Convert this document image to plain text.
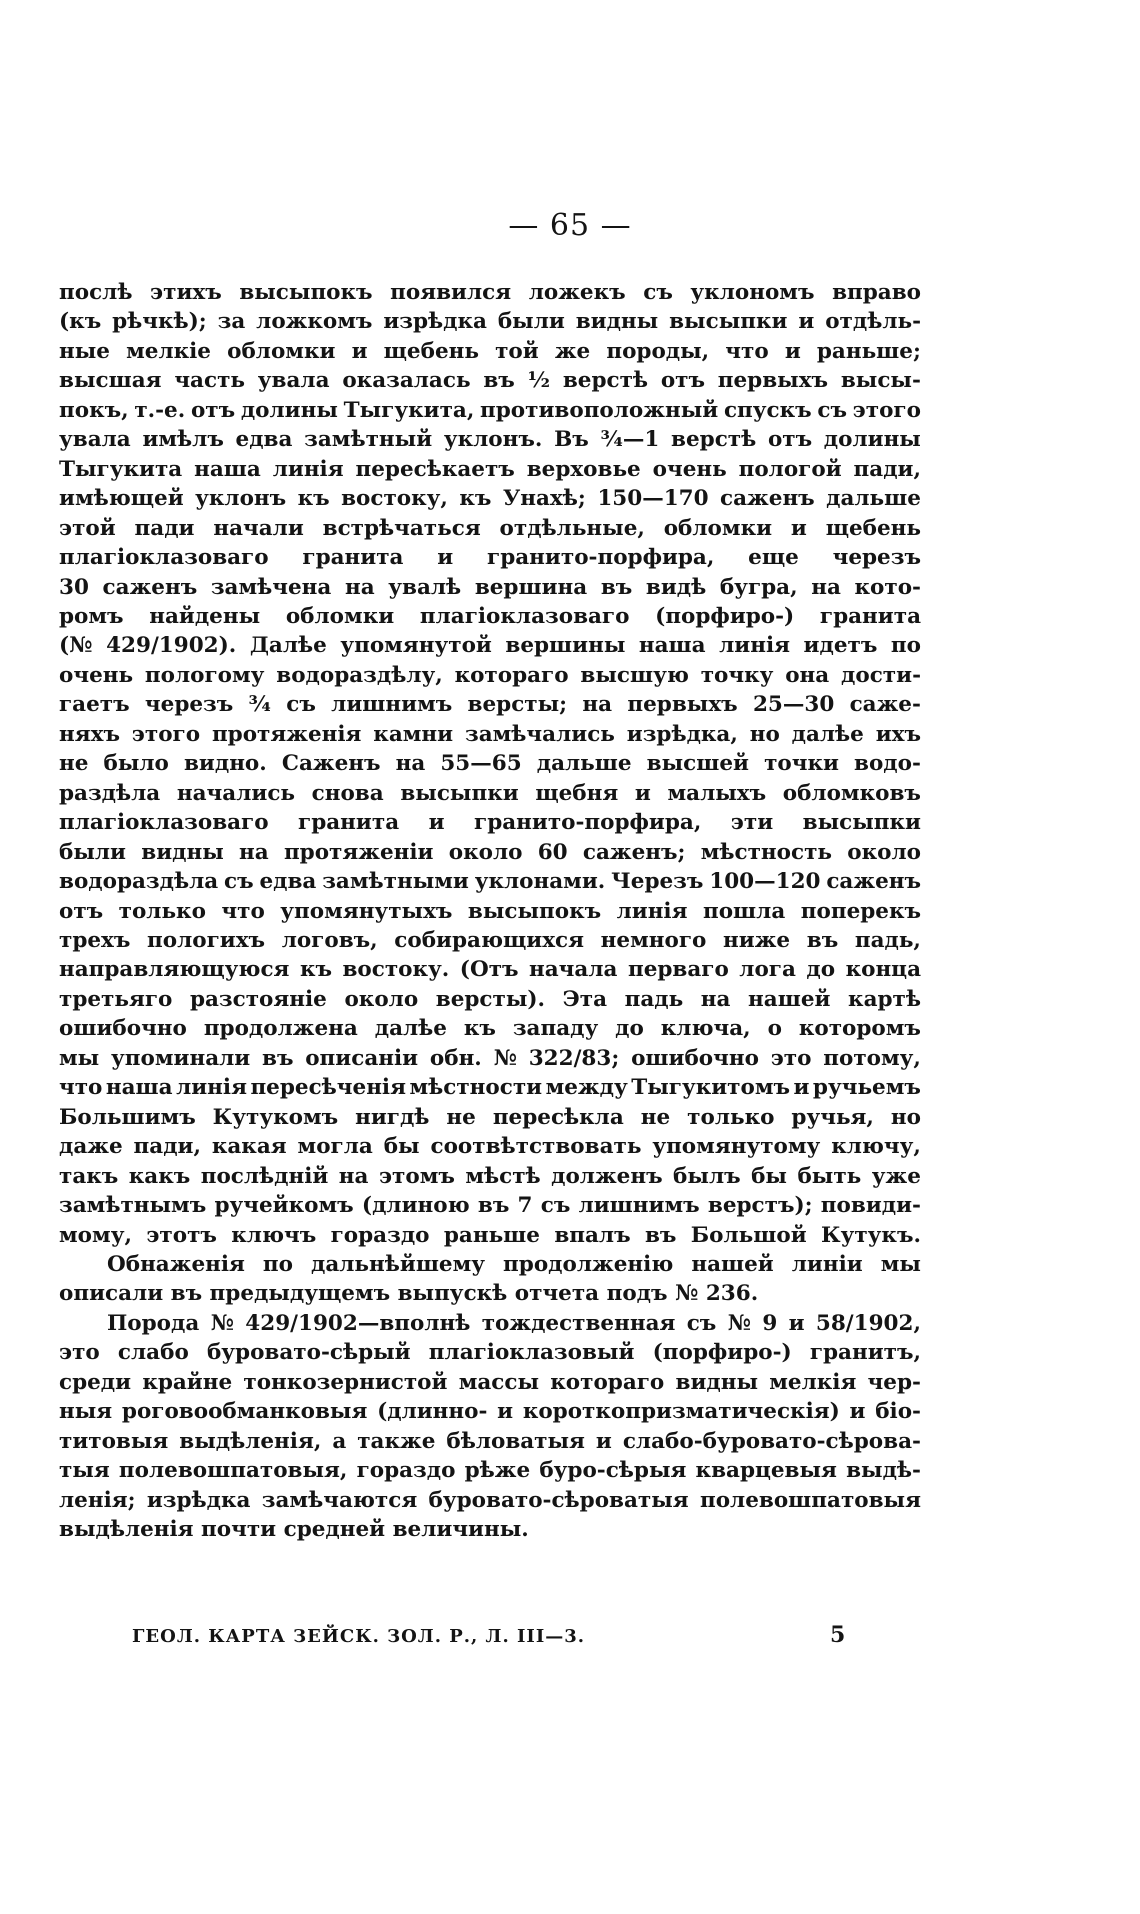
— 65 —
послѣ этихъ высыпокъ появился ложекъ съ уклономъ вправо
(къ рѣчкѣ); за ложкомъ изрѣдка были видны высыпки и отдѣль-
ные мелкіе обломки и щебень той же породы, что и раньше;
высшая часть увала оказалась въ ½ верстѣ отъ первыхъ высы-
покъ, т.-е. отъ долины Тыгукита, противоположный спускъ съ этого
увала имѣлъ едва замѣтный уклонъ. Въ ¾—1 верстѣ отъ долины
Тыгукита наша линія пересѣкаетъ верховье очень пологой пади,
имѣющей уклонъ къ востоку, къ Унахѣ; 150—170 саженъ дальше
этой пади начали встрѣчаться отдѣльные, обломки и щебень
плагіоклазоваго гранита и гранито-порфира, еще черезъ
30 саженъ замѣчена на увалѣ вершина въ видѣ бугра, на кото-
ромъ найдены обломки плагіоклазоваго (порфиро-) гранита
(№ 429/1902). Далѣе упомянутой вершины наша линія идетъ по
очень пологому водораздѣлу, котораго высшую точку она дости-
гаетъ черезъ ¾ съ лишнимъ версты; на первыхъ 25—30 саже-
няхъ этого протяженія камни замѣчались изрѣдка, но далѣе ихъ
не было видно. Саженъ на 55—65 дальше высшей точки водо-
раздѣла начались снова высыпки щебня и малыхъ обломковъ
плагіоклазоваго гранита и гранито-порфира, эти высыпки
были видны на протяженіи около 60 саженъ; мѣстность около
водораздѣла съ едва замѣтными уклонами. Черезъ 100—120 саженъ
отъ только что упомянутыхъ высыпокъ линія пошла поперекъ
трехъ пологихъ логовъ, собирающихся немного ниже въ падь,
направляющуюся къ востоку. (Отъ начала перваго лога до конца
третьяго разстояніе около версты). Эта падь на нашей картѣ
ошибочно продолжена далѣе къ западу до ключа, о которомъ
мы упоминали въ описаніи обн. № 322/83; ошибочно это потому,
что наша линія пересѣченія мѣстности между Тыгукитомъ и ручьемъ
Большимъ Кутукомъ нигдѣ не пересѣкла не только ручья, но
даже пади, какая могла бы соотвѣтствовать упомянутому ключу,
такъ какъ послѣдній на этомъ мѣстѣ долженъ былъ бы быть уже
замѣтнымъ ручейкомъ (длиною въ 7 съ лишнимъ верстъ); повиди-
мому, этотъ ключъ гораздо раньше впалъ въ Большой Кутукъ.
Обнаженія по дальнѣйшему продолженію нашей линіи мы
описали въ предыдущемъ выпускѣ отчета подъ № 236.
Порода № 429/1902—вполнѣ тождественная съ № 9 и 58/1902,
это слабо буровато-сѣрый плагіоклазовый (порфиро-) гранитъ,
среди крайне тонкозернистой массы котораго видны мелкія чер-
ныя роговообманковыя (длинно- и короткопризматическія) и біо-
титовыя выдѣленія, а также бѣловатыя и слабо-буровато-сѣрова-
тыя полевошпатовыя, гораздо рѣже буро-сѣрыя кварцевыя выдѣ-
ленія; изрѣдка замѣчаются буровато-сѣроватыя полевошпатовыя
выдѣленія почти средней величины.
ГЕОЛ. КАРТА ЗЕЙСК. ЗОЛ. Р., Л. III—3.	5
